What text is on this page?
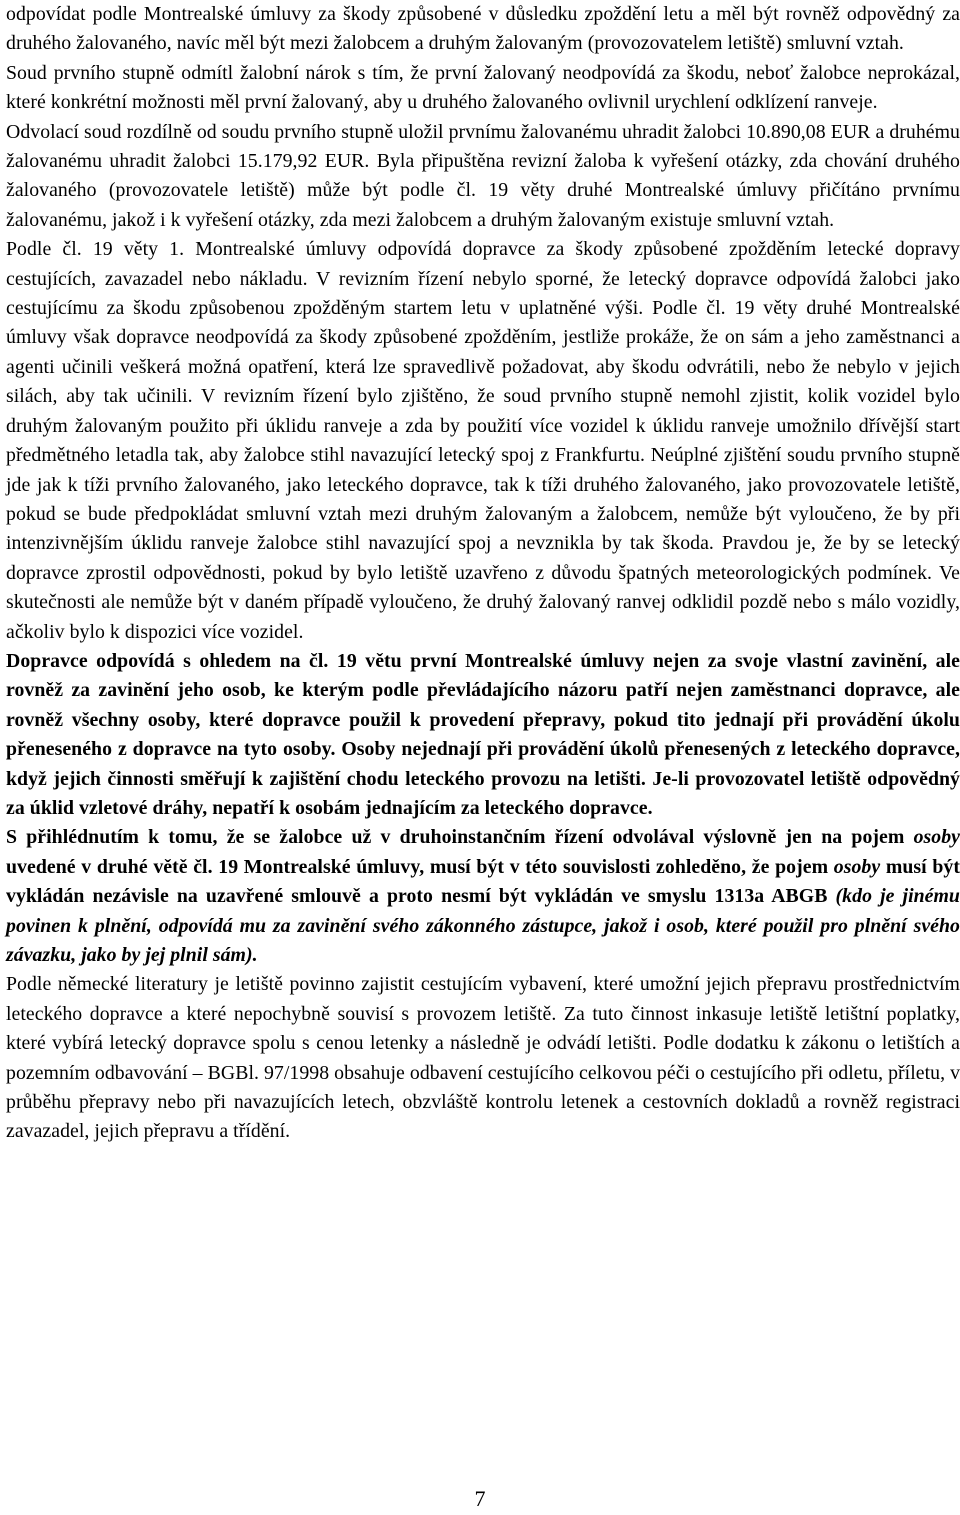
odpovídat podle Montrealské úmluvy za škody způsobené v důsledku zpoždění letu a měl být rovněž odpovědný za druhého žalovaného, navíc měl být mezi žalobcem a druhým žalovaným (provozovatelem letiště) smluvní vztah.

Soud prvního stupně odmítl žalobní nárok s tím, že první žalovaný neodpovídá za škodu, neboť žalobce neprokázal, které konkrétní možnosti měl první žalovaný, aby u druhého žalovaného ovlivnil urychlení odklízení ranveje.

Odvolací soud rozdílně od soudu prvního stupně uložil prvnímu žalovanému uhradit žalobci 10.890,08 EUR a druhému žalovanému uhradit žalobci 15.179,92 EUR. Byla připuštěna revizní žaloba k vyřešení otázky, zda chování druhého žalovaného (provozovatele letiště) může být podle čl. 19 věty druhé Montrealské úmluvy přičítáno prvnímu žalovanému, jakož i k vyřešení otázky, zda mezi žalobcem a druhým žalovaným existuje smluvní vztah.

Podle čl. 19 věty 1. Montrealské úmluvy odpovídá dopravce za škody způsobené zpožděním letecké dopravy cestujících, zavazadel nebo nákladu. V revizním řízení nebylo sporné, že letecký dopravce odpovídá žalobci jako cestujícímu za škodu způsobenou zpožděným startem letu v uplatněné výši. Podle čl. 19 věty druhé Montrealské úmluvy však dopravce neodpovídá za škody způsobené zpožděním, jestliže prokáže, že on sám a jeho zaměstnanci a agenti učinili veškerá možná opatření, která lze spravedlivě požadovat, aby škodu odvrátili, nebo že nebylo v jejich silách, aby tak učinili. V revizním řízení bylo zjištěno, že soud prvního stupně nemohl zjistit, kolik vozidel bylo druhým žalovaným použito při úklidu ranveje a zda by použití více vozidel k úklidu ranveje umožnilo dřívější start předmětného letadla tak, aby žalobce stihl navazující letecký spoj z Frankfurtu. Neúplné zjištění soudu prvního stupně jde jak k tíži prvního žalovaného, jako leteckého dopravce, tak k tíži druhého žalovaného, jako provozovatele letiště, pokud se bude předpokládat smluvní vztah mezi druhým žalovaným a žalobcem, nemůže být vyloučeno, že by při intenzivnějším úklidu ranveje žalobce stihl navazující spoj a nevznikla by tak škoda. Pravdou je, že by se letecký dopravce zprostil odpovědnosti, pokud by bylo letiště uzavřeno z důvodu špatných meteorologických podmínek. Ve skutečnosti ale nemůže být v daném případě vyloučeno, že druhý žalovaný ranvej odklidil pozdě nebo s málo vozidly, ačkoliv bylo k dispozici více vozidel.

Dopravce odpovídá s ohledem na čl. 19 větu první Montrealské úmluvy nejen za svoje vlastní zavinění, ale rovněž za zavinění jeho osob, ke kterým podle převládajícího názoru patří nejen zaměstnanci dopravce, ale rovněž všechny osoby, které dopravce použil k provedení přepravy, pokud tito jednají při provádění úkolu přeneseného z dopravce na tyto osoby. Osoby nejednají při provádění úkolů přenesených z leteckého dopravce, když jejich činnosti směřují k zajištění chodu leteckého provozu na letišti. Je-li provozovatel letiště odpovědný za úklid vzletové dráhy, nepatří k osobám jednajícím za leteckého dopravce.

S přihlédnutím k tomu, že se žalobce už v druhoinstančním řízení odvolával výslovně jen na pojem osoby uvedené v druhé větě čl. 19 Montrealské úmluvy, musí být v této souvislosti zohleděno, že pojem osoby musí být vykládán nezávisle na uzavřené smlouvě a proto nesmí být vykládán ve smyslu 1313a ABGB (kdo je jinému povinen k plnění, odpovídá mu za zavinění svého zákonného zástupce, jakož i osob, které použil pro plnění svého závazku, jako by jej plnil sám).

Podle německé literatury je letiště povinno zajistit cestujícím vybavení, které umožní jejich přepravu prostřednictvím leteckého dopravce a které nepochybně souvisí s provozem letiště. Za tuto činnost inkasuje letiště letištní poplatky, které vybírá letecký dopravce spolu s cenou letenky a následně je odvádí letišti. Podle dodatku k zákonu o letištích a pozemním odbavování – BGBl. 97/1998 obsahuje odbavení cestujícího celkovou péči o cestujícího při odletu, příletu, v průběhu přepravy nebo při navazujících letech, obzvláště kontrolu letenek a cestovních dokladů a rovněž registraci zavazadel, jejich přepravu a třídění.

7
